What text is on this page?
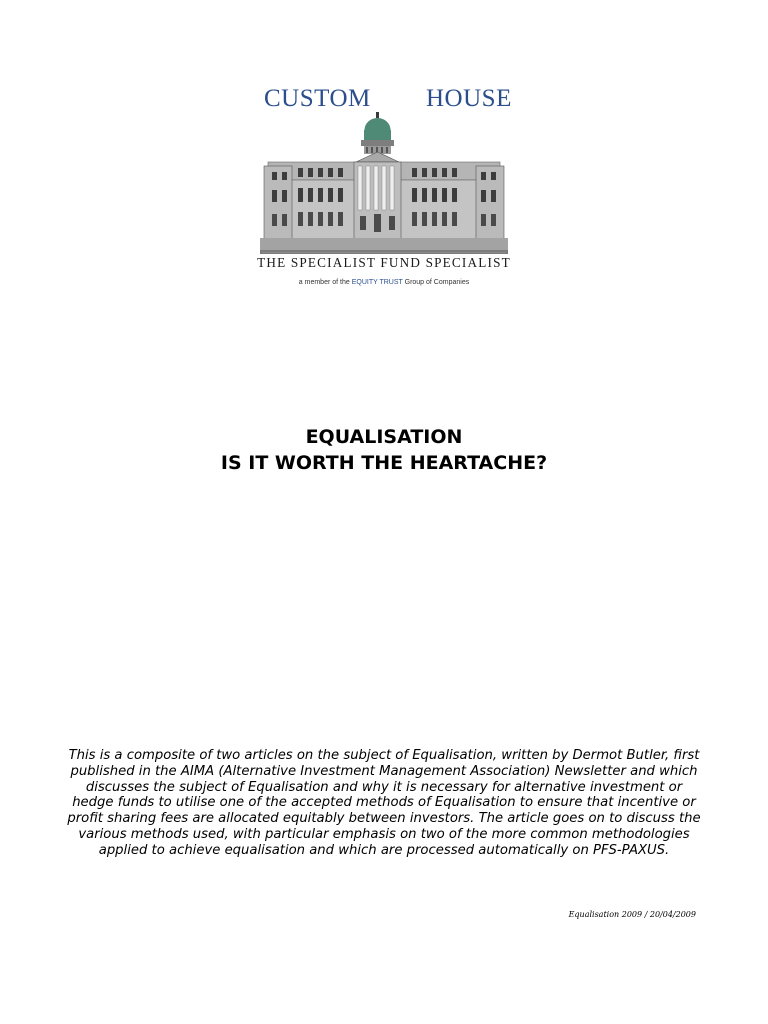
CUSTOM HOUSE
THE SPECIALIST FUND SPECIALIST
a member of the EQUITY TRUST Group of Companies
EQUALISATION
IS IT WORTH THE HEARTACHE?
This is a composite of two articles on the subject of Equalisation, written by Dermot Butler, first published in the AIMA (Alternative Investment Management Association) Newsletter and which discusses the subject of Equalisation and why it is necessary for alternative investment or hedge funds to utilise one of the accepted methods of Equalisation to ensure that incentive or profit sharing fees are allocated equitably between investors. The article goes on to discuss the various methods used, with particular emphasis on two of the more common methodologies applied to achieve equalisation and which are processed automatically on PFS-PAXUS.
Equalisation 2009 / 20/04/2009
